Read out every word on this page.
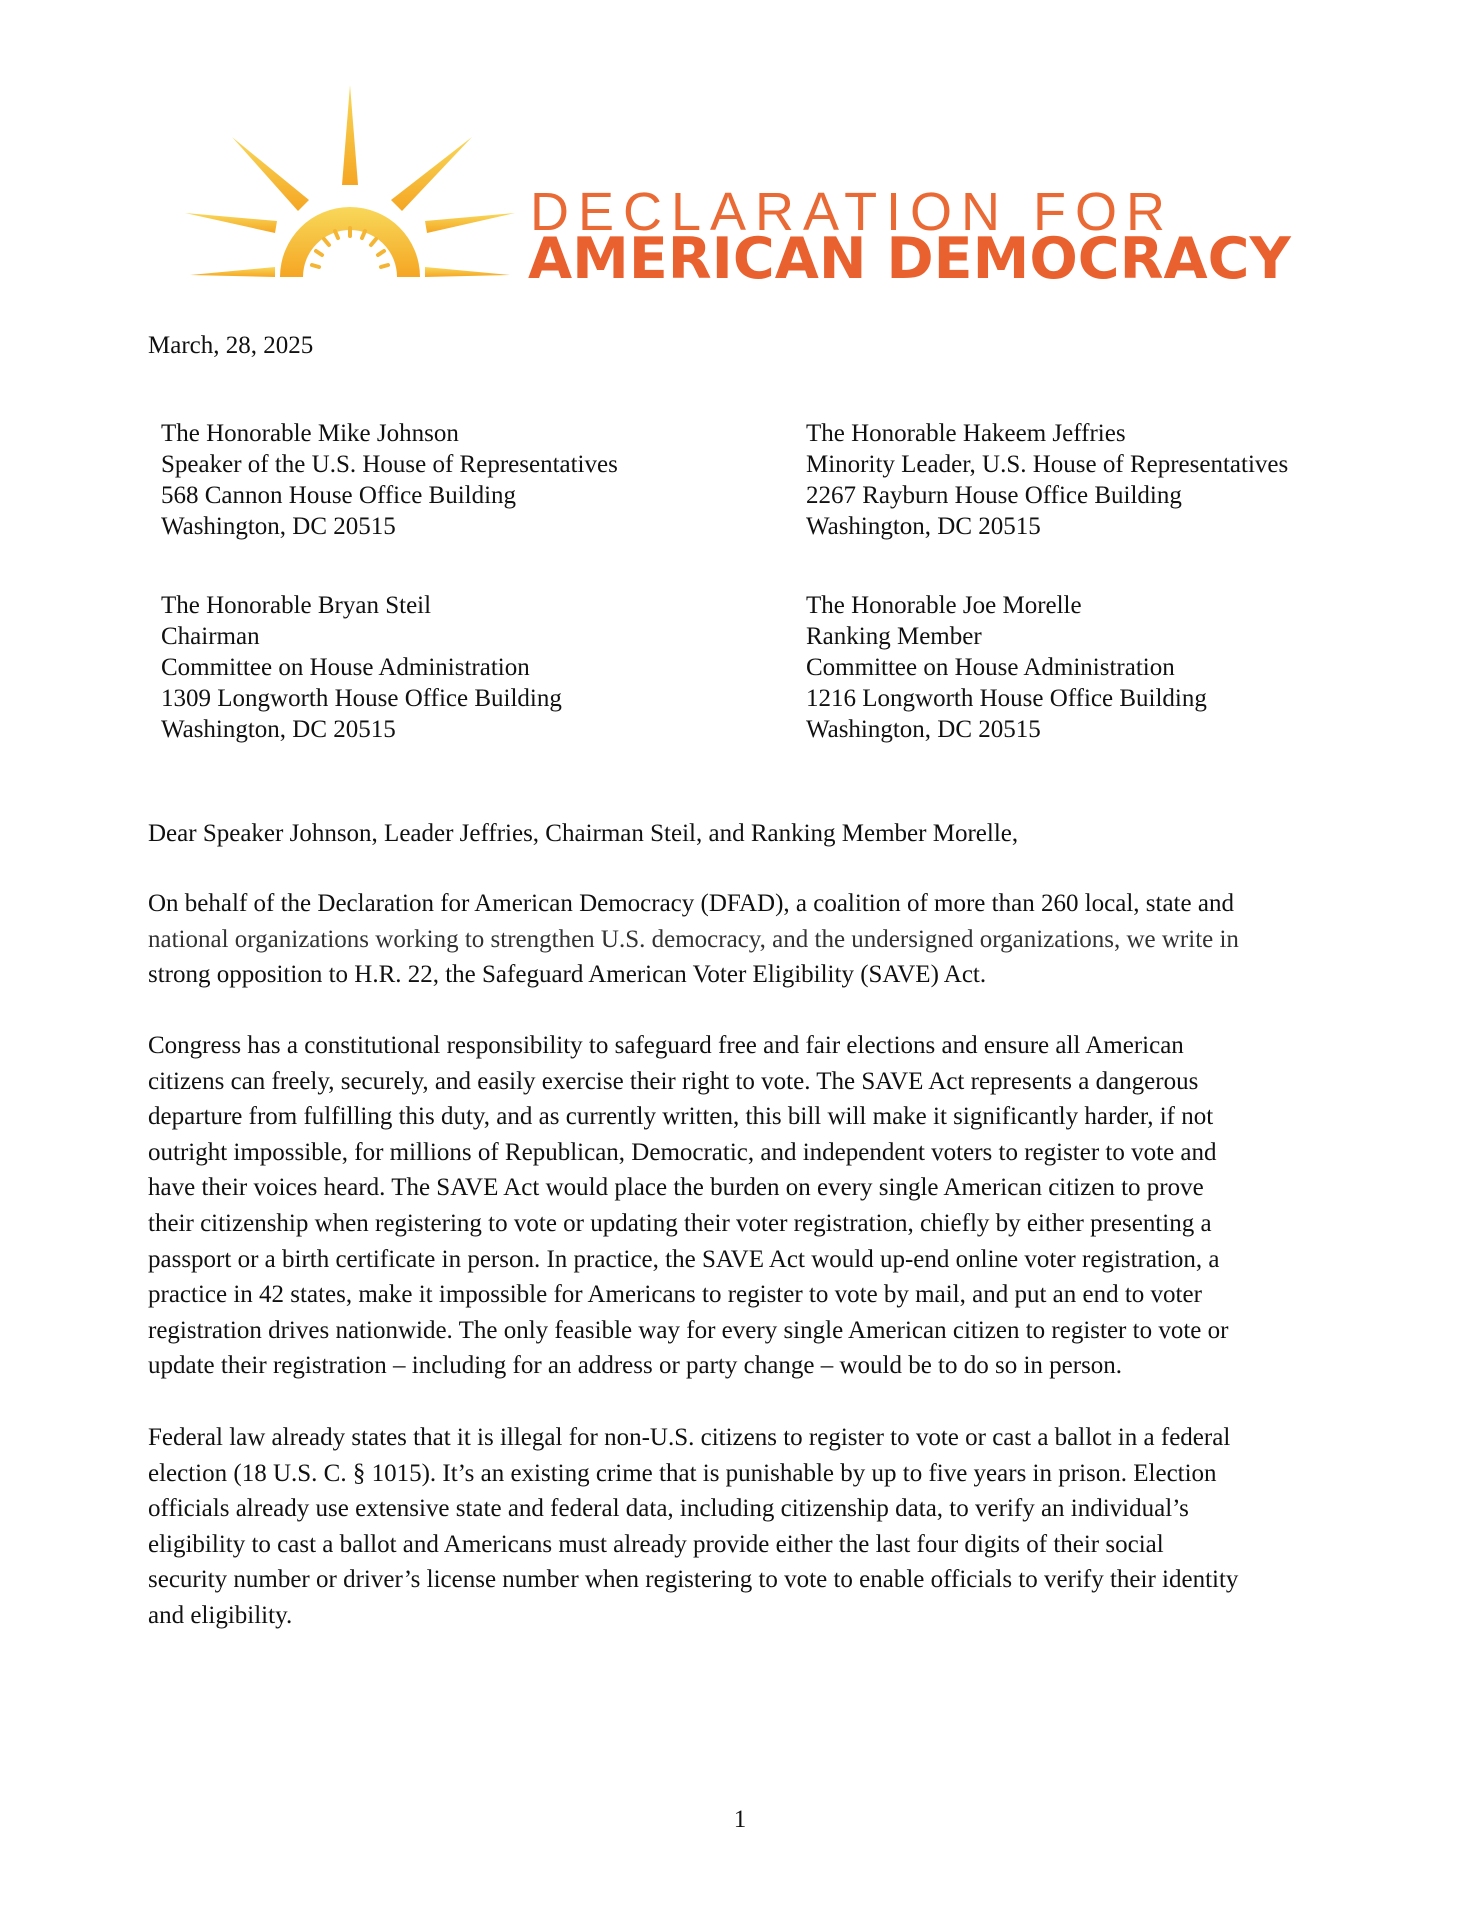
DECLARATION FOR
AMERICAN DEMOCRACY
March, 28, 2025
The Honorable Mike Johnson
Speaker of the U.S. House of Representatives
568 Cannon House Office Building
Washington, DC 20515
The Honorable Hakeem Jeffries
Minority Leader, U.S. House of Representatives
2267 Rayburn House Office Building
Washington, DC 20515
The Honorable Bryan Steil
Chairman
Committee on House Administration
1309 Longworth House Office Building
Washington, DC 20515
The Honorable Joe Morelle
Ranking Member
Committee on House Administration
1216 Longworth House Office Building
Washington, DC 20515
Dear Speaker Johnson, Leader Jeffries, Chairman Steil, and Ranking Member Morelle,
On behalf of the Declaration for American Democracy (DFAD), a coalition of more than 260 local, state and
national organizations working to strengthen U.S. democracy, and the undersigned organizations, we write in
strong opposition to H.R. 22, the Safeguard American Voter Eligibility (SAVE) Act.
Congress has a constitutional responsibility to safeguard free and fair elections and ensure all American
citizens can freely, securely, and easily exercise their right to vote. The SAVE Act represents a dangerous
departure from fulfilling this duty, and as currently written, this bill will make it significantly harder, if not
outright impossible, for millions of Republican, Democratic, and independent voters to register to vote and
have their voices heard. The SAVE Act would place the burden on every single American citizen to prove
their citizenship when registering to vote or updating their voter registration, chiefly by either presenting a
passport or a birth certificate in person. In practice, the SAVE Act would up-end online voter registration, a
practice in 42 states, make it impossible for Americans to register to vote by mail, and put an end to voter
registration drives nationwide. The only feasible way for every single American citizen to register to vote or
update their registration – including for an address or party change – would be to do so in person.
Federal law already states that it is illegal for non-U.S. citizens to register to vote or cast a ballot in a federal
election (18 U.S. C. § 1015). It’s an existing crime that is punishable by up to five years in prison. Election
officials already use extensive state and federal data, including citizenship data, to verify an individual’s
eligibility to cast a ballot and Americans must already provide either the last four digits of their social
security number or driver’s license number when registering to vote to enable officials to verify their identity
and eligibility.
1
